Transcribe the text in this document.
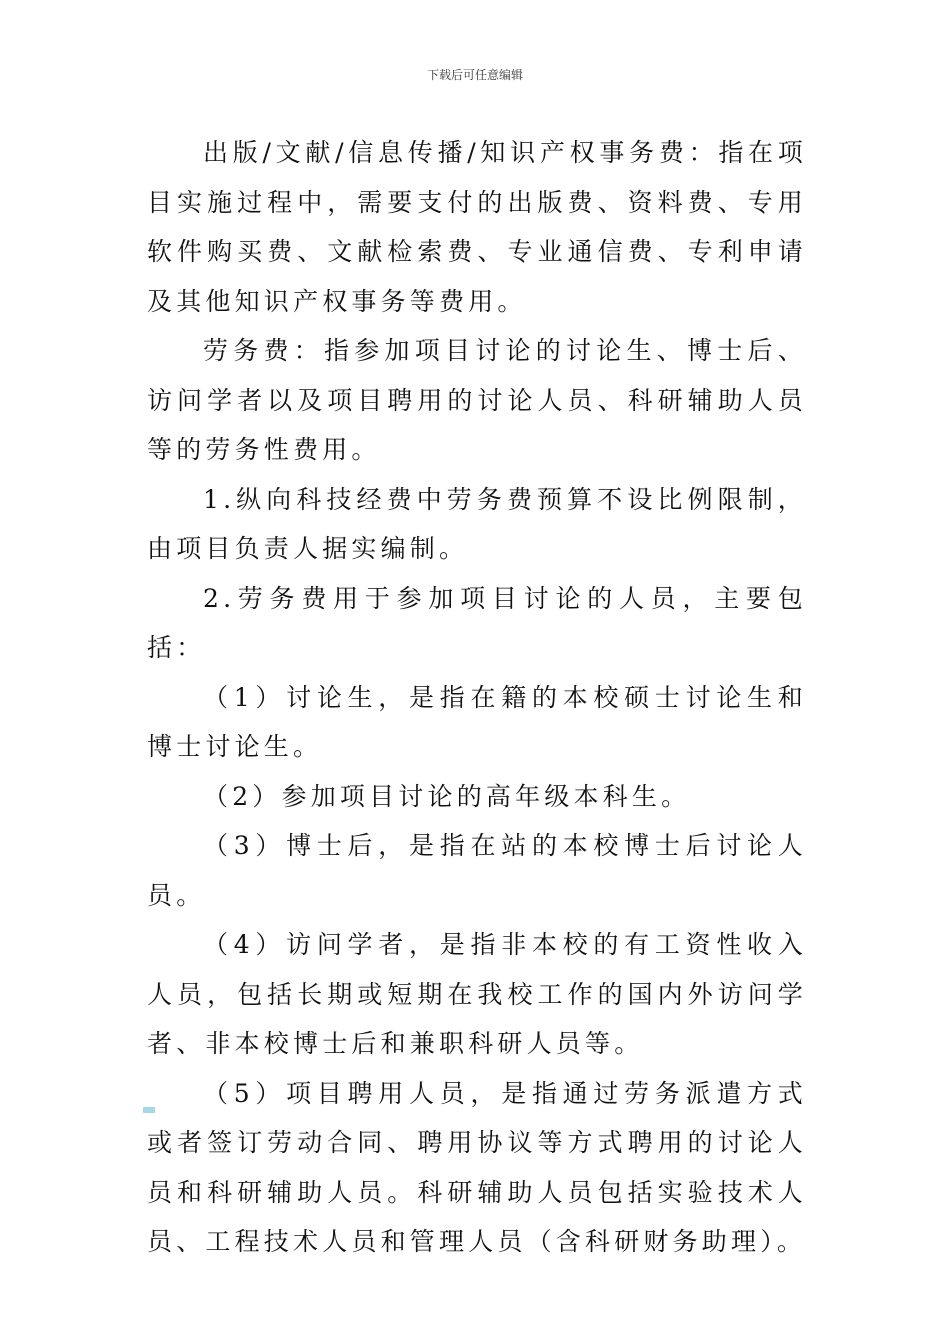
下载后可任意编辑

出版/文献/信息传播/知识产权事务费：指在项目实施过程中，需要支付的出版费、资料费、专用软件购买费、文献检索费、专业通信费、专利申请及其他知识产权事务等费用。

劳务费：指参加项目讨论的讨论生、博士后、访问学者以及项目聘用的讨论人员、科研辅助人员等的劳务性费用。

1.纵向科技经费中劳务费预算不设比例限制，由项目负责人据实编制。

2.劳务费用于参加项目讨论的人员，主要包括：

（1）讨论生，是指在籍的本校硕士讨论生和博士讨论生。

（2）参加项目讨论的高年级本科生。

（3）博士后，是指在站的本校博士后讨论人员。

（4）访问学者，是指非本校的有工资性收入人员，包括长期或短期在我校工作的国内外访问学者、非本校博士后和兼职科研人员等。

（5）项目聘用人员，是指通过劳务派遣方式或者签订劳动合同、聘用协议等方式聘用的讨论人员和科研辅助人员。科研辅助人员包括实验技术人员、工程技术人员和管理人员（含科研财务助理）。
